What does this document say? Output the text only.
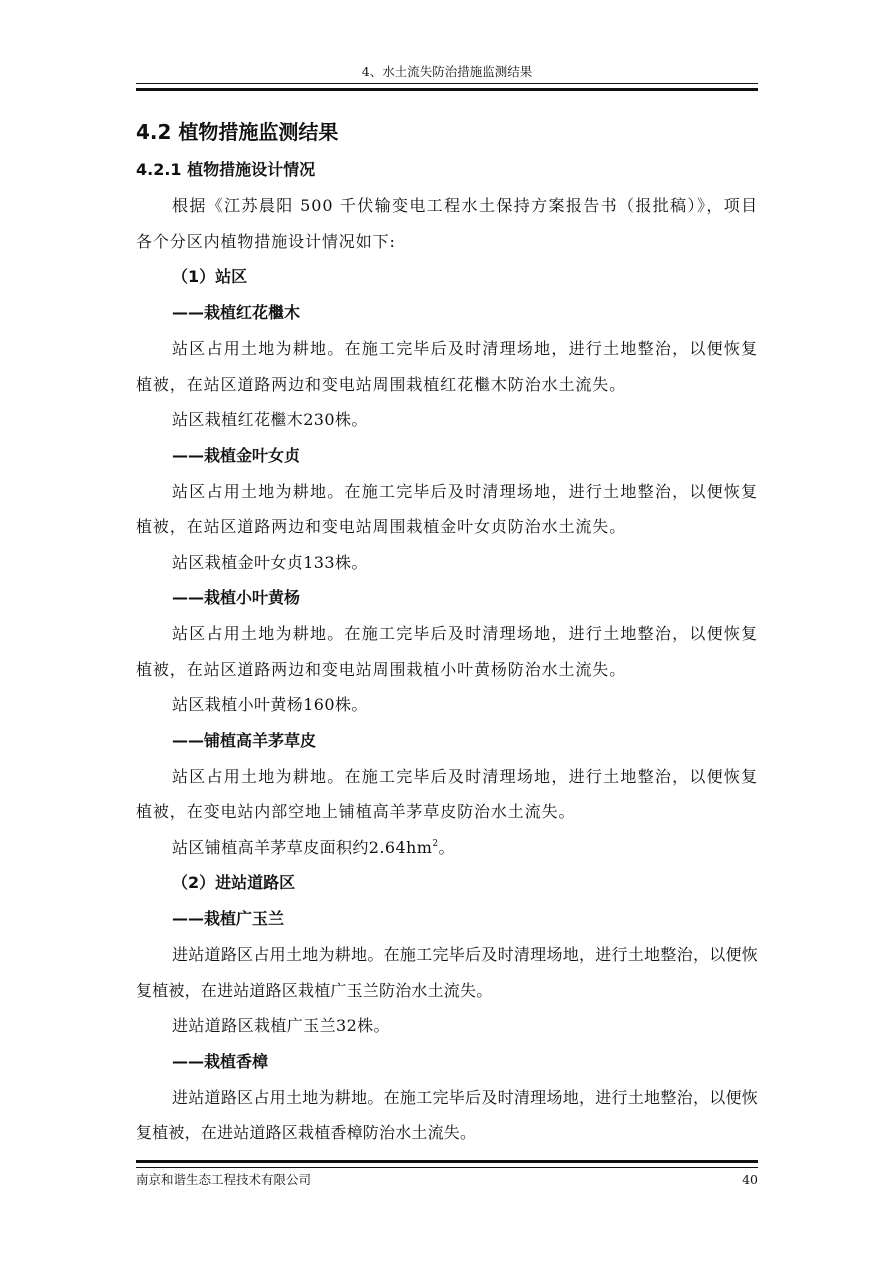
4、水土流失防治措施监测结果
4.2 植物措施监测结果
4.2.1 植物措施设计情况

根据《江苏晨阳 500 千伏输变电工程水土保持方案报告书（报批稿）》，项目各个分区内植物措施设计情况如下:

（1）站区
——栽植红花檵木

站区占用土地为耕地。在施工完毕后及时清理场地，进行土地整治，以便恢复植被，在站区道路两边和变电站周围栽植红花檵木防治水土流失。

站区栽植红花檵木230株。
——栽植金叶女贞

站区占用土地为耕地。在施工完毕后及时清理场地，进行土地整治，以便恢复植被，在站区道路两边和变电站周围栽植金叶女贞防治水土流失。

站区栽植金叶女贞133株。
——栽植小叶黄杨

站区占用土地为耕地。在施工完毕后及时清理场地，进行土地整治，以便恢复植被，在站区道路两边和变电站周围栽植小叶黄杨防治水土流失。

站区栽植小叶黄杨160株。
——铺植高羊茅草皮

站区占用土地为耕地。在施工完毕后及时清理场地，进行土地整治，以便恢复植被，在变电站内部空地上铺植高羊茅草皮防治水土流失。

站区铺植高羊茅草皮面积约$2.64hm^2$。
（2）进站道路区
——栽植广玉兰

进站道路区占用土地为耕地。在施工完毕后及时清理场地，进行土地整治，以便恢复植被，在进站道路区栽植广玉兰防治水土流失。

进站道路区栽植广玉兰32株。
——栽植香樟

进站道路区占用土地为耕地。在施工完毕后及时清理场地，进行土地整治，以便恢复植被，在进站道路区栽植香樟防治水土流失。

南京和谐生态工程技术有限公司	40
